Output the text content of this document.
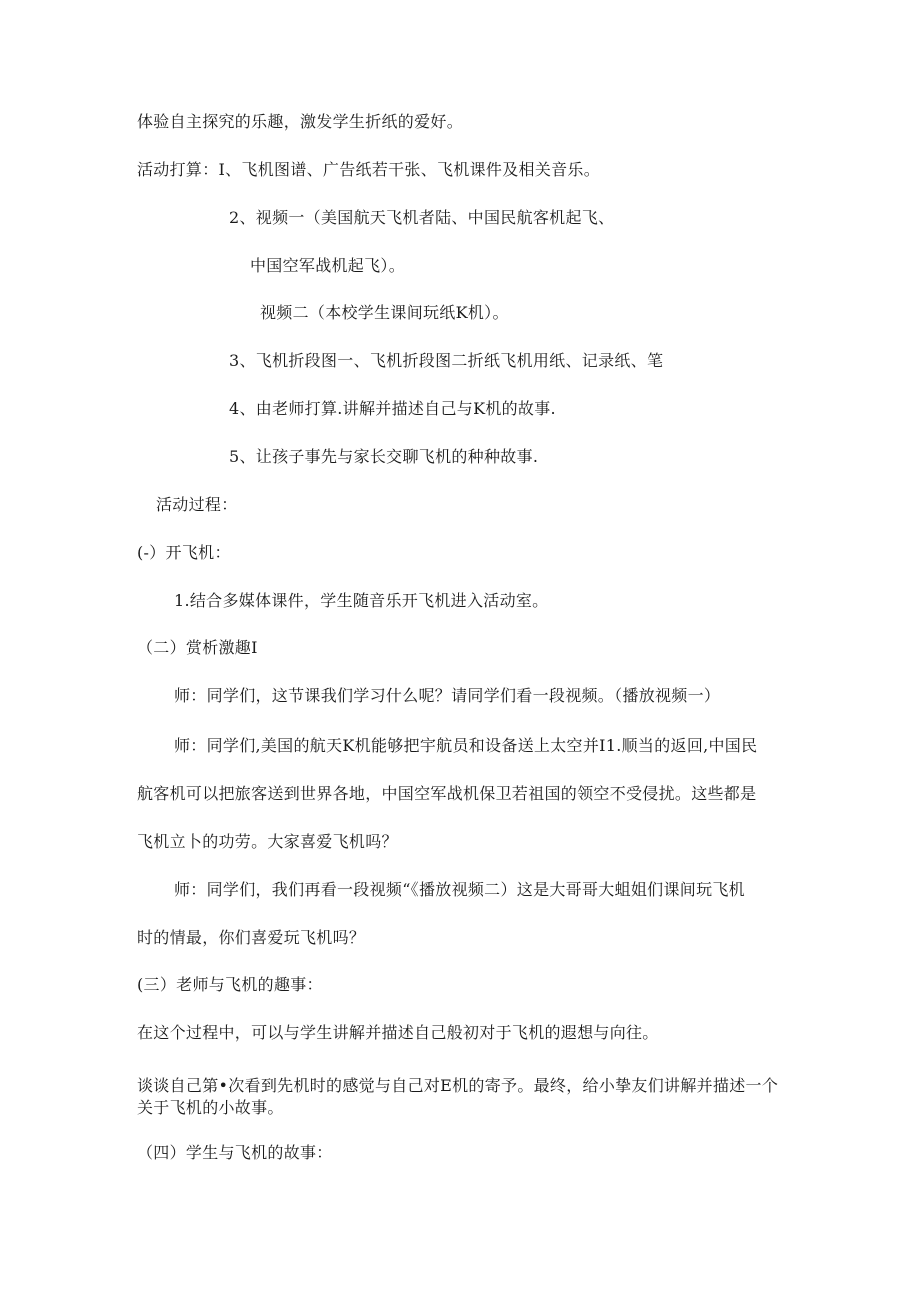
体验自主探究的乐趣，激发学生折纸的爱好。
活动打算：I、飞机图谱、广告纸若干张、飞机课件及相关音乐。
2、视频一（美国航天飞机者陆、中国民航客机起飞、
中国空军战机起飞）。
视频二（本校学生课间玩纸K机）。
3、飞机折段图一、飞机折段图二折纸飞机用纸、记录纸、笔
4、由老师打算.讲解并描述自己与K机的故事.
5、让孩子事先与家长交聊飞机的种种故事.
活动过程：
(-）开飞机：
1.结合多媒体课件，学生随音乐开飞机进入活动室。
（二）赏析激趣I
师：同学们，这节课我们学习什么呢？请同学们看一段视频。（播放视频一）
师：同学们,美国的航天K机能够把宇航员和设备送上太空并I1.顺当的返回,中国民
航客机可以把旅客送到世界各地，中国空军战机保卫若祖国的领空不受侵扰。这些都是
飞机立卜的功劳。大家喜爱飞机吗？
师：同学们，我们再看一段视频“《播放视频二）这是大哥哥大蛆姐们课间玩飞机
时的情最，你们喜爱玩飞机吗？
(三）老师与飞机的趣事：
在这个过程中，可以与学生讲解并描述自己般初对于飞机的遐想与向往。
谈谈自己第•次看到先机时的感觉与自己对E机的寄予。最终，给小挚友们讲解并描述一个关于飞机的小故事。
（四）学生与飞机的故事：
